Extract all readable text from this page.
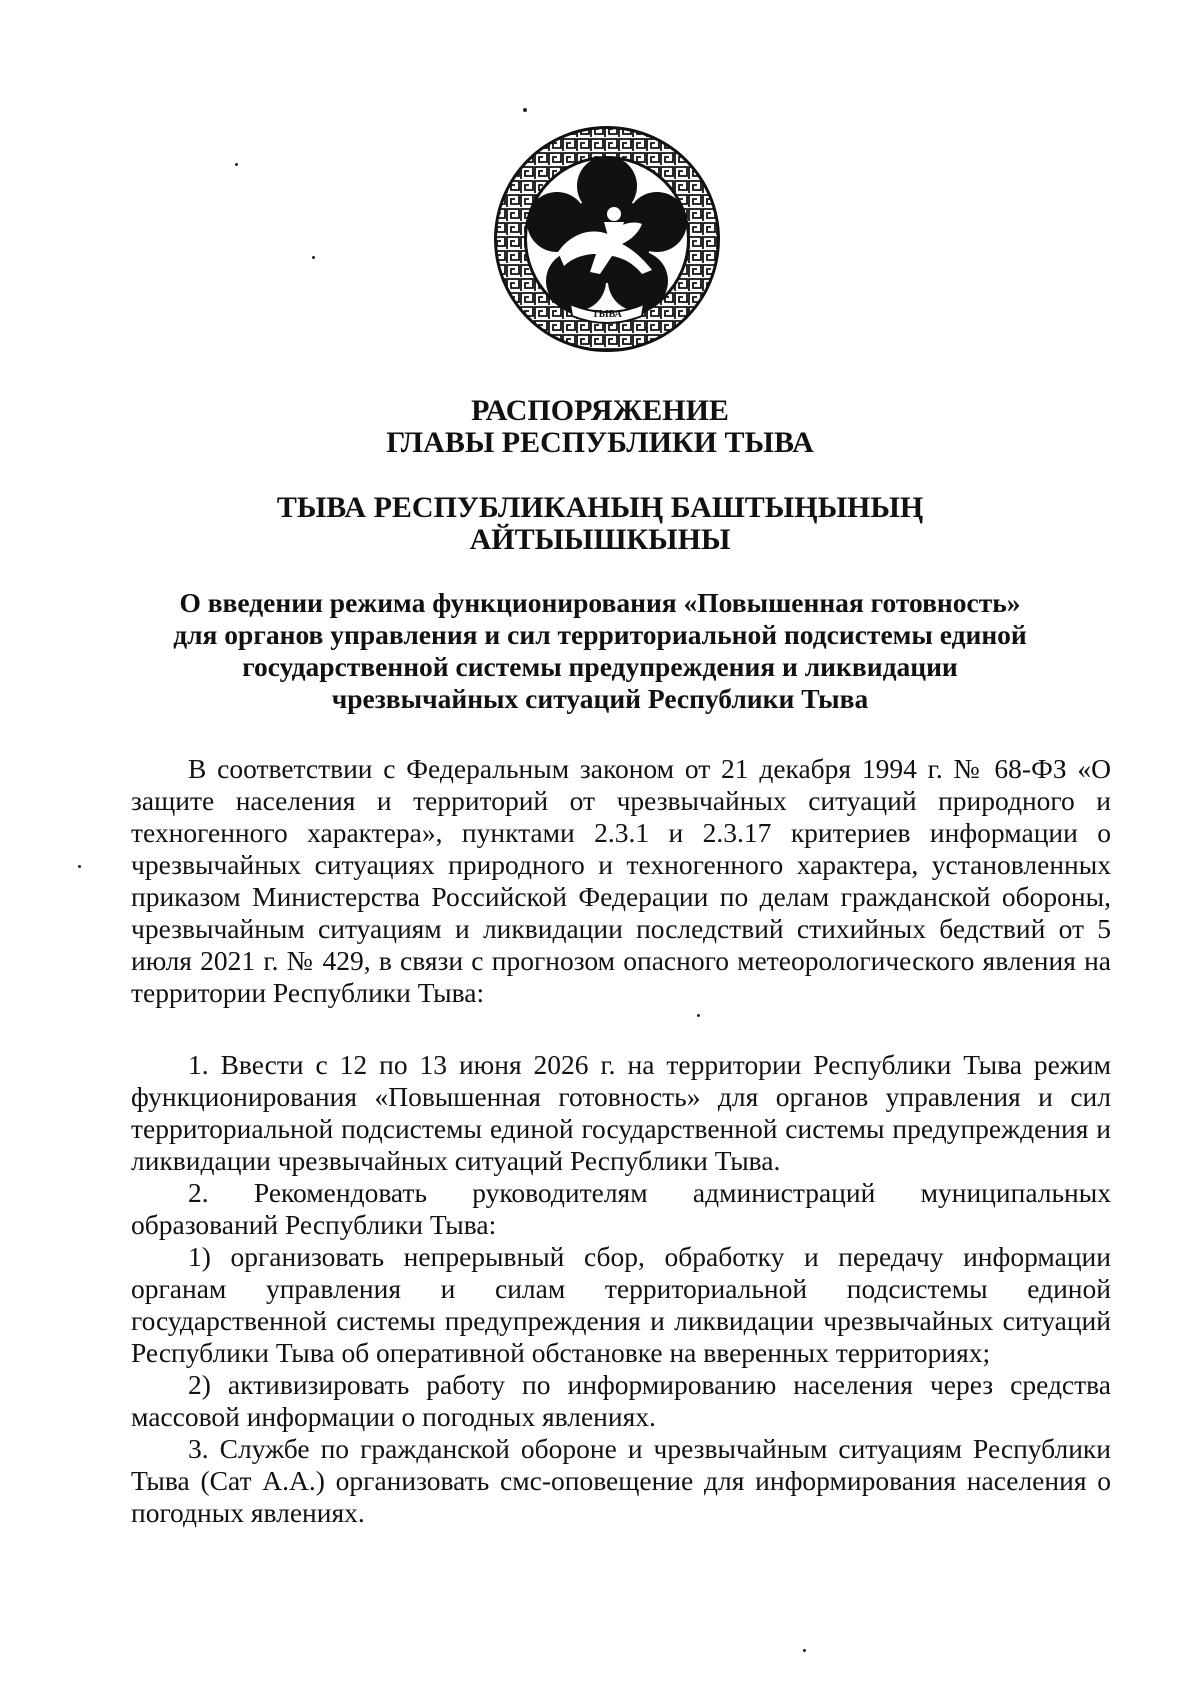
ТЫВА
РАСПОРЯЖЕНИЕ
ГЛАВЫ РЕСПУБЛИКИ ТЫВА
ТЫВА РЕСПУБЛИКАНЫҢ БАШТЫҢЫНЫҢ
АЙТЫЫШКЫНЫ
О введении режима функционирования «Повышенная готовность»
для органов управления и сил территориальной подсистемы единой
государственной системы предупреждения и ликвидации
чрезвычайных ситуаций Республики Тыва

В соответствии с Федеральным законом от 21 декабря 1994 г. № 68-ФЗ «О защите населения и территорий от чрезвычайных ситуаций природного и техногенного характера», пунктами 2.3.1 и 2.3.17 критериев информации о чрезвычайных ситуациях природного и техногенного характера, установленных приказом Министерства Российской Федерации по делам гражданской обороны, чрезвычайным ситуациям и ликвидации последствий стихийных бедствий от 5 июля 2021 г. № 429, в связи с прогнозом опасного метеорологического явления на территории Республики Тыва:

1. Ввести с 12 по 13 июня 2026 г. на территории Республики Тыва режим функционирования «Повышенная готовность» для органов управления и сил территориальной подсистемы единой государственной системы предупреждения и ликвидации чрезвычайных ситуаций Республики Тыва.

2. Рекомендовать руководителям администраций муниципальных образований Республики Тыва:

1) организовать непрерывный сбор, обработку и передачу информации органам управления и силам территориальной подсистемы единой государственной системы предупреждения и ликвидации чрезвычайных ситуаций Республики Тыва об оперативной обстановке на вверенных территориях;

2) активизировать работу по информированию населения через средства массовой информации о погодных явлениях.

3. Службе по гражданской обороне и чрезвычайным ситуациям Республики Тыва (Сат А.А.) организовать смс-оповещение для информирования населения о погодных явлениях.
